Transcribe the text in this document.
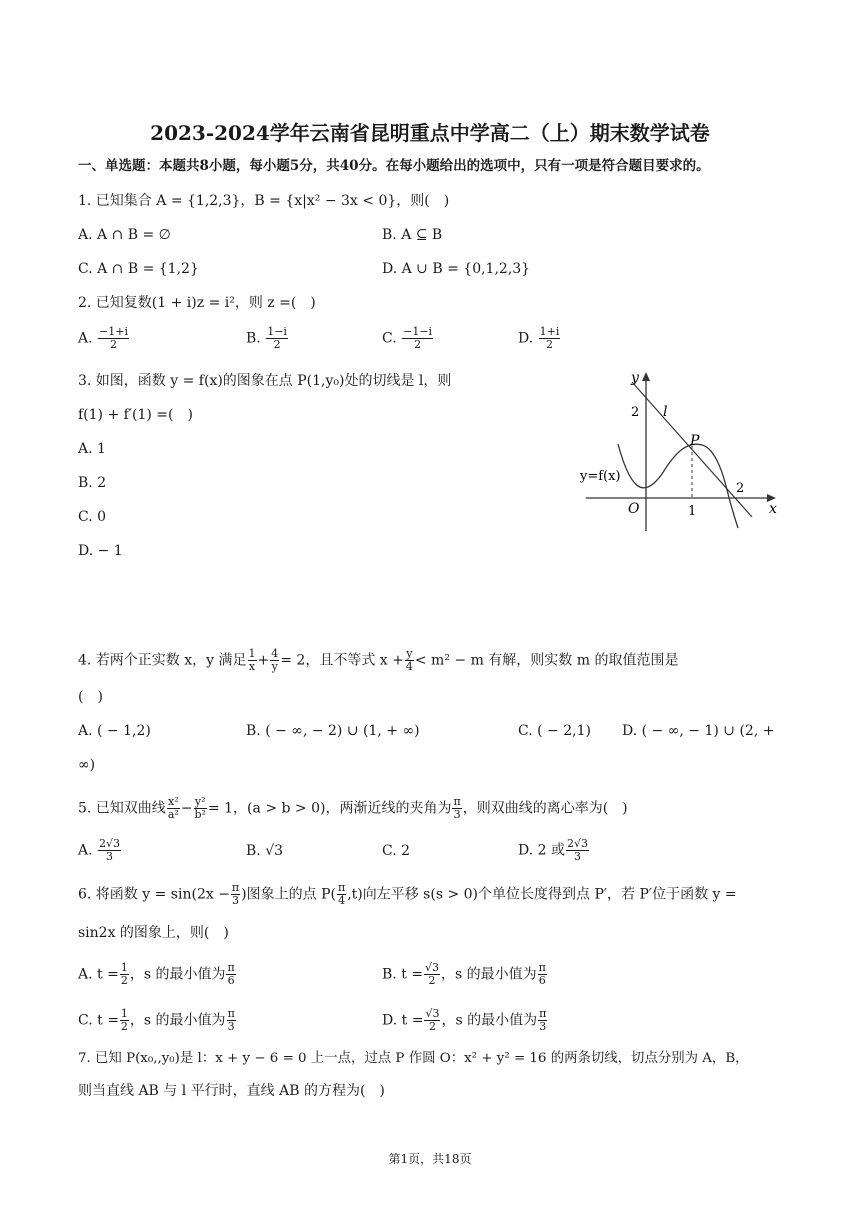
2023-2024学年云南省昆明重点中学高二（上）期末数学试卷
一、单选题：本题共8小题，每小题5分，共40分。在每小题给出的选项中，只有一项是符合题目要求的。
1. 已知集合 A = {1,2,3}，B = {x|x² − 3x < 0}，则(　)
A. A ∩ B = ∅	B. A ⊆ B
C. A ∩ B = {1,2}	D. A ∪ B = {0,1,2,3}
2. 已知复数(1 + i)z = i²，则 z =(　)
A. $\frac{-1+i}{2}$	B. $\frac{1-i}{2}$	C. $\frac{-1-i}{2}$	D. $\frac{1+i}{2}$
3. 如图，函数 y = f(x)的图象在点 P(1,y₀)处的切线是 l，则
f(1) + f′(1) =(　)
A. 1
B. 2
C. 0
D. − 1
y
x
O
l
P
y=f(x)
2
1
2
4. 若两个正实数 x，y 满足 $\frac{1}{x} + \frac{4}{y} = 2$，且不等式 $x + \frac{y}{4} < m^2 - m$ 有解，则实数 m 的取值范围是
(　)
A. ( − 1,2)	B. ( − ∞, − 2) ∪ (1, + ∞)	C. ( − 2,1) D. ( − ∞, − 1) ∪ (2, +
∞)
5. 已知双曲线 $\frac{\text{x²}}{\text{a²}} - \frac{\text{y²}}{\text{b²}} = 1$，(a > b > 0)，两渐近线的夹角为 $\frac{\pi}{3}$ ，则双曲线的离心率为(　)
A. $\frac{2√3}{3}$	B. √3	C. 2	D. 2 或 $\frac{2√3}{3}$
6. 将函数 $y = \sin(2x - \frac{\pi}{3}$ )图象上的点 $P( \frac{\pi}{4} ,t)$向左平移 s(s > 0)个单位长度得到点 P′，若 P′位于函数 y =
sin2x 的图象上，则(　)
A. $t = \frac{1}{2}$ ，s 的最小值为 $\frac{\pi}{6}$	B. $t = \frac{√3}{2}$ ，s 的最小值为 $\frac{\pi}{6}$
C. $t = \frac{1}{2}$ ，s 的最小值为 $\frac{\pi}{3}$	D. $t = \frac{√3}{2}$ ，s 的最小值为 $\frac{\pi}{3}$
7. 已知 P(x₀,,y₀)是 l：x + y − 6 = 0 上一点，过点 P 作圆 O：x² + y² = 16 的两条切线，切点分别为 A，B，
则当直线 AB 与 l 平行时，直线 AB 的方程为(　)
第1页，共18页
